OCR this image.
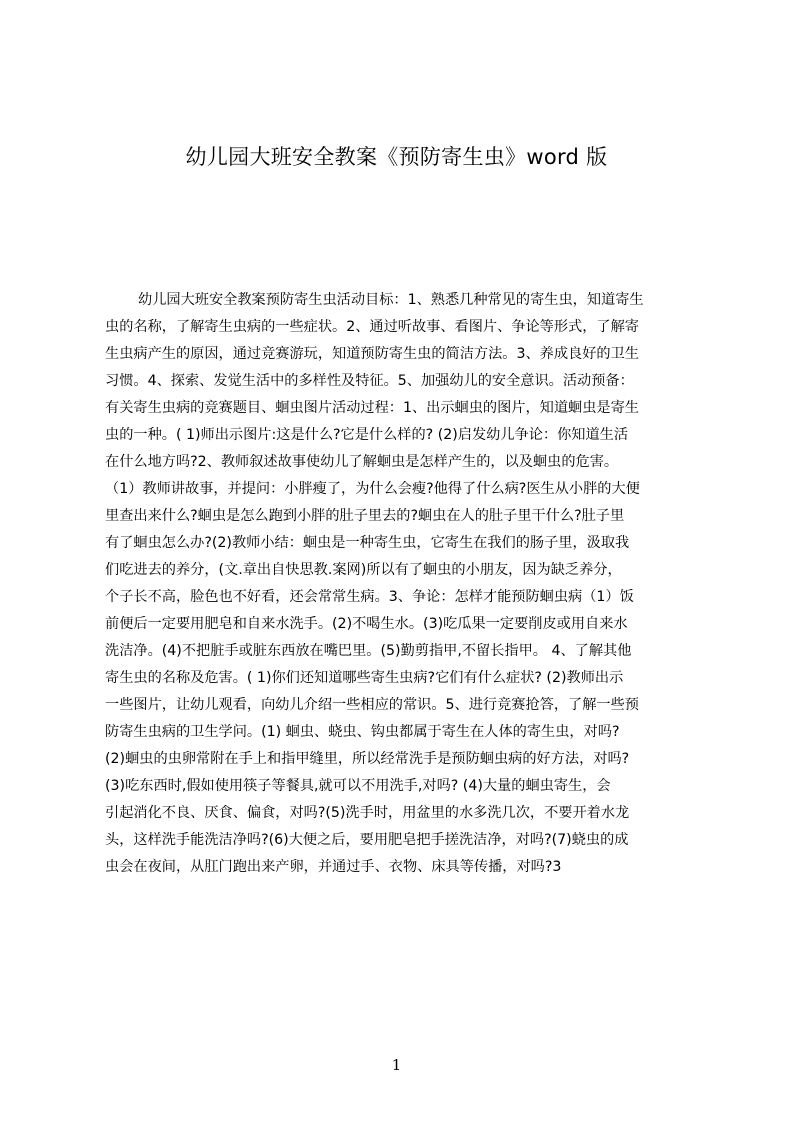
幼儿园大班安全教案《预防寄生虫》word 版
幼儿园大班安全教案预防寄生虫活动目标：1、熟悉几种常见的寄生虫，知道寄生
虫的名称，了解寄生虫病的一些症状。2、通过听故事、看图片、争论等形式，了解寄
生虫病产生的原因，通过竞赛游玩，知道预防寄生虫的简洁方法。3、养成良好的卫生
习惯。4、探索、发觉生活中的多样性及特征。5、加强幼儿的安全意识。活动预备：
有关寄生虫病的竞赛题目、蛔虫图片活动过程：1、出示蛔虫的图片，知道蛔虫是寄生
虫的一种。( 1)师出示图片:这是什么?它是什么样的? (2)启发幼儿争论：你知道生活
在什么地方吗?2、教师叙述故事使幼儿了解蛔虫是怎样产生的，以及蛔虫的危害。
（1）教师讲故事，并提问：小胖瘦了，为什么会瘦?他得了什么病?医生从小胖的大便
里查出来什么?蛔虫是怎么跑到小胖的肚子里去的?蛔虫在人的肚子里干什么?肚子里
有了蛔虫怎么办?(2)教师小结：蛔虫是一种寄生虫，它寄生在我们的肠子里，汲取我
们吃进去的养分，(文.章出自快思教.案网)所以有了蛔虫的小朋友，因为缺乏养分，
个子长不高，脸色也不好看，还会常常生病。3、争论：怎样才能预防蛔虫病（1）饭
前便后一定要用肥皂和自来水洗手。(2)不喝生水。(3)吃瓜果一定要削皮或用自来水
洗洁净。(4)不把脏手或脏东西放在嘴巴里。(5)勤剪指甲,不留长指甲。 4、了解其他
寄生虫的名称及危害。( 1)你们还知道哪些寄生虫病?它们有什么症状? (2)教师出示
一些图片，让幼儿观看，向幼儿介绍一些相应的常识。5、进行竞赛抢答，了解一些预
防寄生虫病的卫生学问。(1) 蛔虫、蛲虫、钩虫都属于寄生在人体的寄生虫，对吗?
(2)蛔虫的虫卵常附在手上和指甲缝里，所以经常洗手是预防蛔虫病的好方法，对吗?
(3)吃东西时,假如使用筷子等餐具,就可以不用洗手,对吗? (4)大量的蛔虫寄生，会
引起消化不良、厌食、偏食，对吗?(5)洗手时，用盆里的水多洗几次，不要开着水龙
头，这样洗手能洗洁净吗?(6)大便之后，要用肥皂把手搓洗洁净，对吗?(7)蛲虫的成
虫会在夜间，从肛门跑出来产卵，并通过手、衣物、床具等传播，对吗?3
1
